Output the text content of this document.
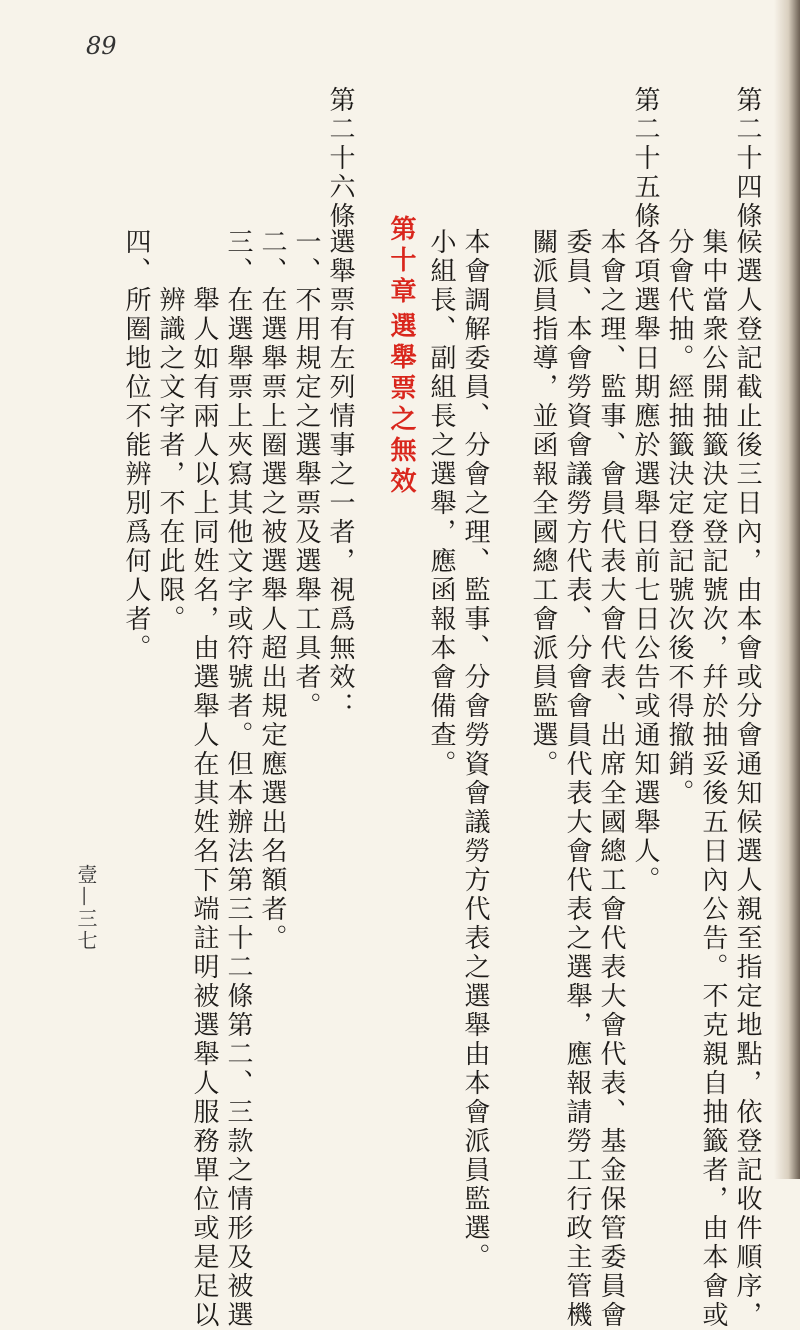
89
第二十四條
候選人登記截止後三日內，由本會或分會通知候選人親至指定地點，依登記收件順序，
集中當衆公開抽籤決定登記號次，幷於抽妥後五日內公告。不克親自抽籤者，由本會或
分會代抽。經抽籤決定登記號次後不得撤銷。
第二十五條
各項選舉日期應於選舉日前七日公告或通知選舉人。
本會之理、監事、會員代表大會代表、出席全國總工會代表大會代表、基金保管委員會
委員、本會勞資會議勞方代表、分會會員代表大會代表之選舉，應報請勞工行政主管機
關派員指導，並函報全國總工會派員監選。
本會調解委員、分會之理、監事、分會勞資會議勞方代表之選舉由本會派員監選。
小組長、副組長之選舉，應函報本會備查。
第十章
選舉票之無效
第二十六條
選舉票有左列情事之一者，視爲無效：
一、不用規定之選舉票及選舉工具者。
二、在選舉票上圈選之被選舉人超出規定應選出名額者。
三、在選舉票上夾寫其他文字或符號者。但本辦法第三十二條第二、三款之情形及被選
　　舉人如有兩人以上同姓名，由選舉人在其姓名下端註明被選舉人服務單位或是足以
　　辨識之文字者，不在此限。
四、所圈地位不能辨別爲何人者。
壹—三七
